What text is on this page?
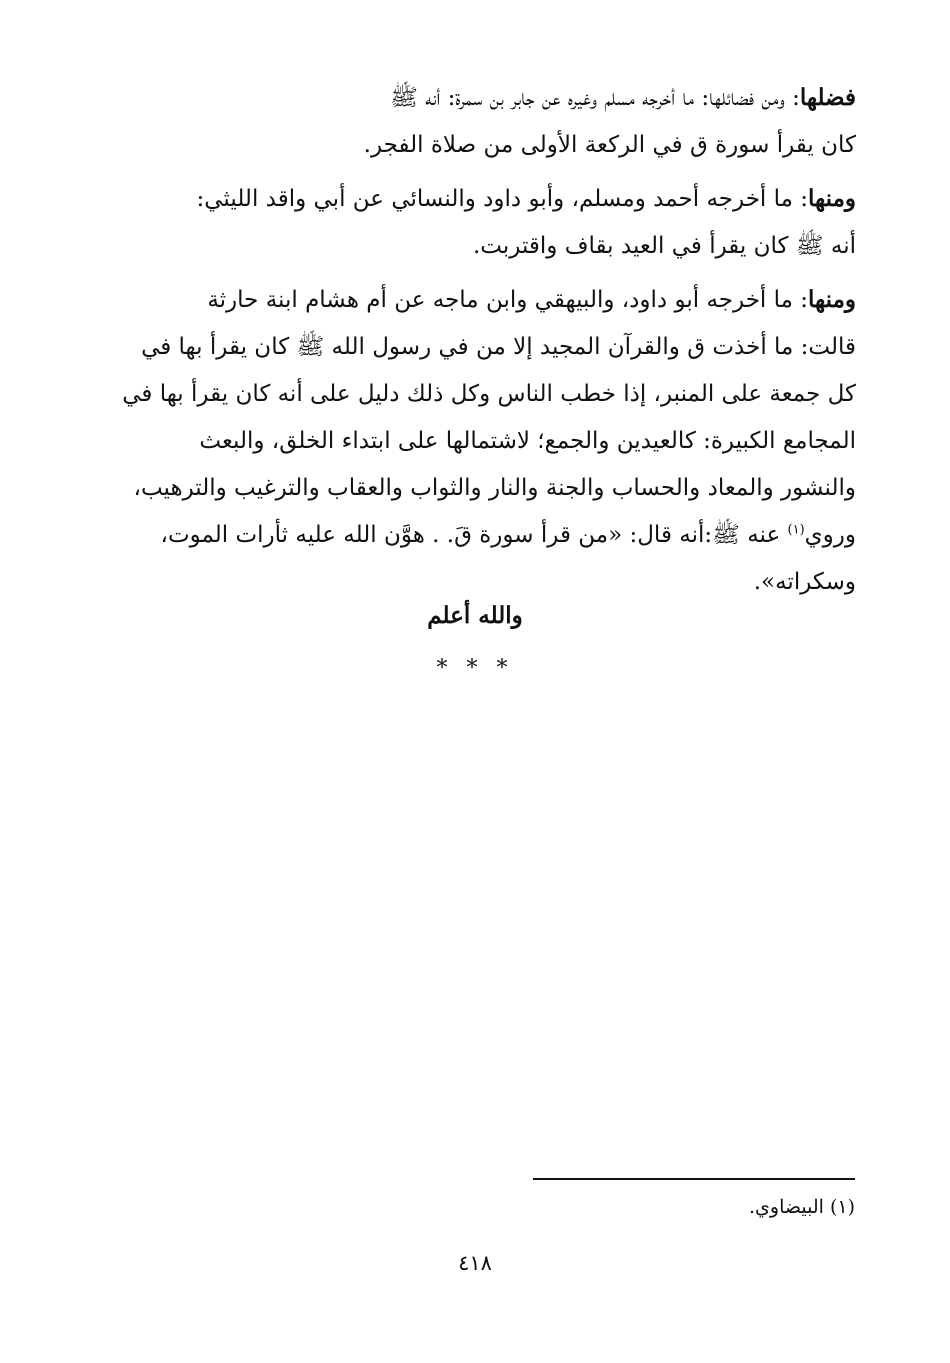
فضلها: ومن فضائلها: ما أخرجه مسلم وغيره عن جابر بن سمرة: أنه ﷺ

كان يقرأ سورة ق في الركعة الأولى من صلاة الفجر.

ومنها: ما أخرجه أحمد ومسلم، وأبو داود والنسائي عن أبي واقد الليثي:

أنه ﷺ كان يقرأ في العيد بقاف واقتربت.

ومنها: ما أخرجه أبو داود، والبيهقي وابن ماجه عن أم هشام ابنة حارثة

قالت: ما أخذت ق والقرآن المجيد إلا من في رسول الله ﷺ كان يقرأ بها في

كل جمعة على المنبر، إذا خطب الناس وكل ذلك دليل على أنه كان يقرأ بها في

المجامع الكبيرة: كالعيدين والجمع؛ لاشتمالها على ابتداء الخلق، والبعث

والنشور والمعاد والحساب والجنة والنار والثواب والعقاب والترغيب والترهيب،

وروي$^{(١)}$ عنه ﷺ:أنه قال: «من قرأ سورة قَ. . هوَّن الله عليه ثأرات الموت،

وسكراته».

والله أعلم
* * *
(١) البيضاوي.
٤١٨
